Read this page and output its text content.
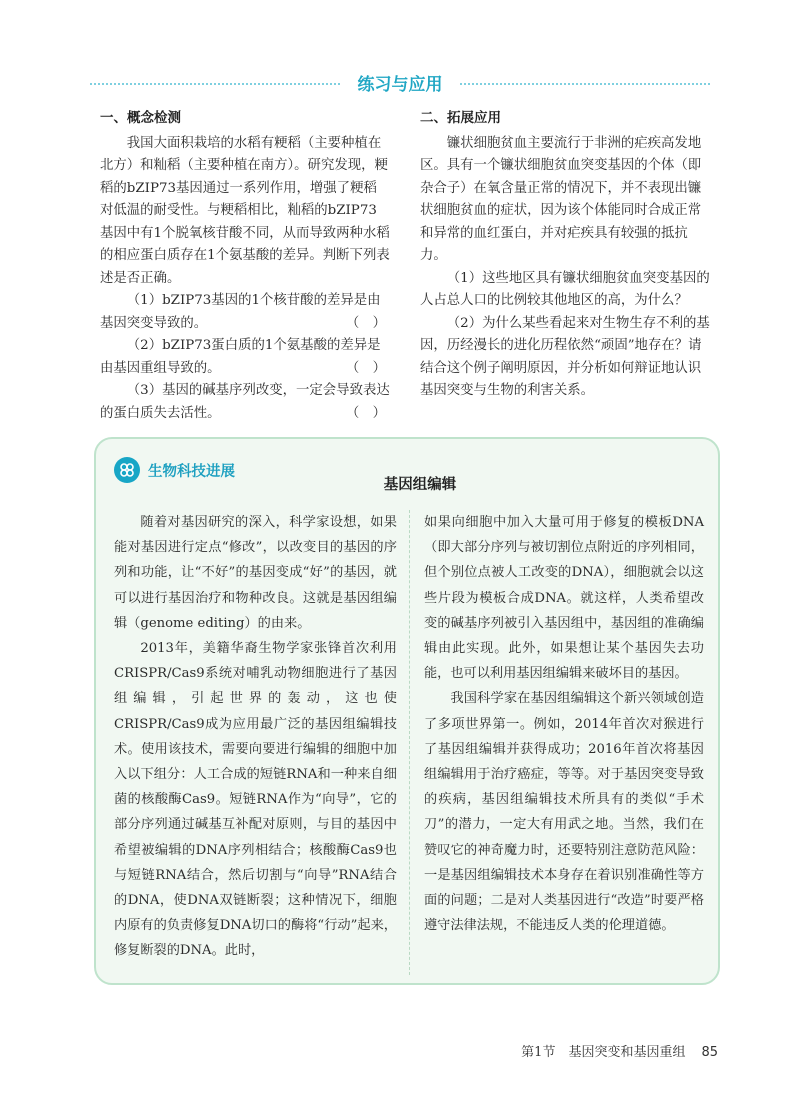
练习与应用
一、概念检测

我国大面积栽培的水稻有粳稻（主要种植在北方）和籼稻（主要种植在南方）。研究发现，粳稻的bZIP73基因通过一系列作用，增强了粳稻对低温的耐受性。与粳稻相比，籼稻的bZIP73基因中有1个脱氧核苷酸不同，从而导致两种水稻的相应蛋白质存在1个氨基酸的差异。判断下列表述是否正确。

（1）bZIP73基因的1个核苷酸的差异是由基因突变导致的。	（　）

（2）bZIP73蛋白质的1个氨基酸的差异是由基因重组导致的。	（　）

（3）基因的碱基序列改变，一定会导致表达的蛋白质失去活性。	（　）

二、拓展应用

镰状细胞贫血主要流行于非洲的疟疾高发地区。具有一个镰状细胞贫血突变基因的个体（即杂合子）在氧含量正常的情况下，并不表现出镰状细胞贫血的症状，因为该个体能同时合成正常和异常的血红蛋白，并对疟疾具有较强的抵抗力。

（1）这些地区具有镰状细胞贫血突变基因的人占总人口的比例较其他地区的高，为什么？

（2）为什么某些看起来对生物生存不利的基因，历经漫长的进化历程依然“顽固”地存在？请结合这个例子阐明原因，并分析如何辩证地认识基因突变与生物的利害关系。

生物科技进展
基因组编辑

随着对基因研究的深入，科学家设想，如果能对基因进行定点“修改”，以改变目的基因的序列和功能，让“不好”的基因变成“好”的基因，就可以进行基因治疗和物种改良。这就是基因组编辑（genome editing）的由来。

2013年，美籍华裔生物学家张锋首次利用CRISPR/Cas9系统对哺乳动物细胞进行了基因组编辑，引起世界的轰动，这也使CRISPR/Cas9成为应用最广泛的基因组编辑技术。使用该技术，需要向要进行编辑的细胞中加入以下组分：人工合成的短链RNA和一种来自细菌的核酸酶Cas9。短链RNA作为“向导”，它的部分序列通过碱基互补配对原则，与目的基因中希望被编辑的DNA序列相结合；核酸酶Cas9也与短链RNA结合，然后切割与“向导”RNA结合的DNA，使DNA双链断裂；这种情况下，细胞内原有的负责修复DNA切口的酶将“行动”起来，修复断裂的DNA。此时，

如果向细胞中加入大量可用于修复的模板DNA（即大部分序列与被切割位点附近的序列相同，但个别位点被人工改变的DNA），细胞就会以这些片段为模板合成DNA。就这样，人类希望改变的碱基序列被引入基因组中，基因组的准确编辑由此实现。此外，如果想让某个基因失去功能，也可以利用基因组编辑来破坏目的基因。

我国科学家在基因组编辑这个新兴领域创造了多项世界第一。例如，2014年首次对猴进行了基因组编辑并获得成功；2016年首次将基因组编辑用于治疗癌症，等等。对于基因突变导致的疾病，基因组编辑技术所具有的类似“手术刀”的潜力，一定大有用武之地。当然，我们在赞叹它的神奇魔力时，还要特别注意防范风险：一是基因组编辑技术本身存在着识别准确性等方面的问题；二是对人类基因进行“改造”时要严格遵守法律法规，不能违反人类的伦理道德。

第1节　基因突变和基因重组 85
